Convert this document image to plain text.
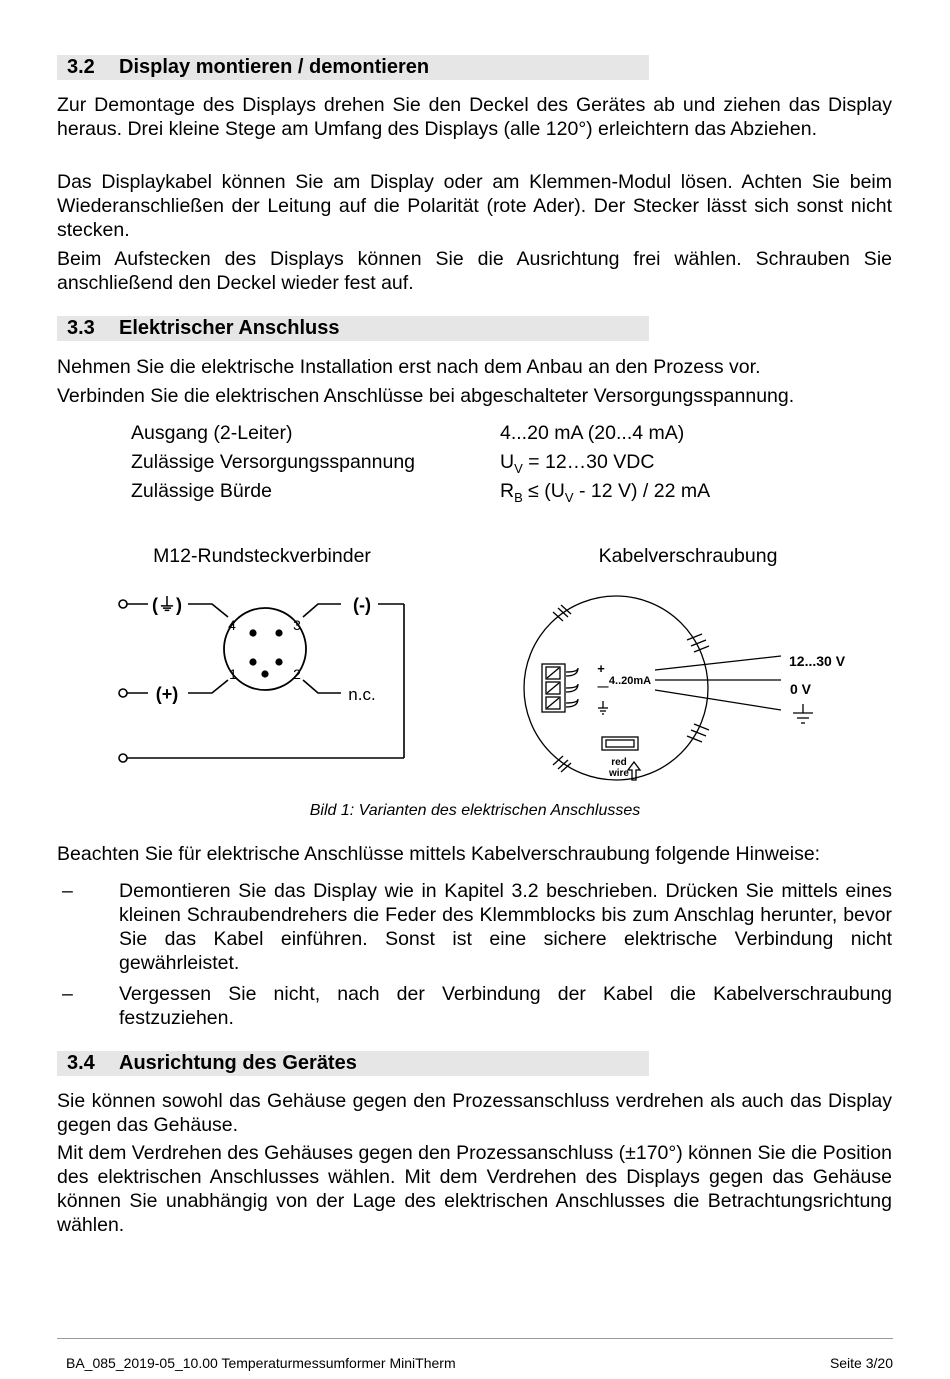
3.2 Display montieren / demontieren

Zur Demontage des Displays drehen Sie den Deckel des Gerätes ab und ziehen das Display heraus. Drei kleine Stege am Umfang des Displays (alle 120°) erleichtern das Abziehen.

Das Displaykabel können Sie am Display oder am Klemmen-Modul lösen. Achten Sie beim Wiederanschließen der Leitung auf die Polarität (rote Ader). Der Stecker lässt sich sonst nicht stecken.

Beim Aufstecken des Displays können Sie die Ausrichtung frei wählen. Schrauben Sie anschließend den Deckel wieder fest auf.

3.3 Elektrischer Anschluss

Nehmen Sie die elektrische Installation erst nach dem Anbau an den Prozess vor.

Verbinden Sie die elektrischen Anschlüsse bei abgeschalteter Versorgungsspannung.

Ausgang (2-Leiter)	4...20 mA (20...4 mA)
Zulässige Versorgungsspannung	$U_V$ = 12…30 VDC
Zulässige Bürde	$R_B \le (U_V - 12$ V) / 22 mA
M12-Rundsteckverbinder	Kabelverschraubung
(⏚)	(-)
(+)	n.c.
4	3
1	2	+
— 4..20mA
red
wire
12...30 V
0 V
Bild 1: Varianten des elektrischen Anschlusses

Beachten Sie für elektrische Anschlüsse mittels Kabelverschraubung folgende Hinweise:

– Demontieren Sie das Display wie in Kapitel 3.2 beschrieben. Drücken Sie mittels eines kleinen Schraubendrehers die Feder des Klemmblocks bis zum Anschlag herunter, bevor Sie das Kabel einführen. Sonst ist eine sichere elektrische Verbindung nicht gewährleistet.

– Vergessen Sie nicht, nach der Verbindung der Kabel die Kabelverschraubung festzuziehen.

3.4 Ausrichtung des Gerätes

Sie können sowohl das Gehäuse gegen den Prozessanschluss verdrehen als auch das Display gegen das Gehäuse.

Mit dem Verdrehen des Gehäuses gegen den Prozessanschluss (±170°) können Sie die Position des elektrischen Anschlusses wählen. Mit dem Verdrehen des Displays gegen das Gehäuse können Sie unabhängig von der Lage des elektrischen Anschlusses die Betrachtungsrichtung wählen.

BA_085_2019-05_10.00 Temperaturmessumformer MiniTherm	Seite 3/20
